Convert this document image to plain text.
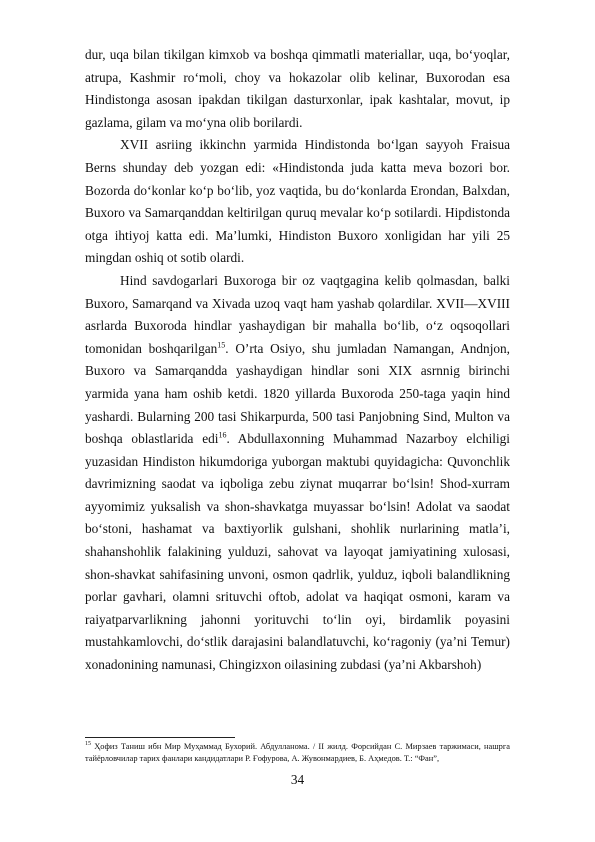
dur, uqa bilan tikilgan kimxob va boshqa qimmatli materiallar, uqa, bo‘yoqlar, atrupa, Kashmir ro‘moli, choy va hokazolar olib kelinar, Buxorodan esa Hindistonga asosan ipakdan tikilgan dasturxonlar, ipak kashtalar, movut, ip gazlama, gilam va mo‘yna olib borilardi.

XVII asriing ikkinchn yarmida Hindistonda bo‘lgan sayyoh Fraisua Berns shunday deb yozgan edi: «Hindistonda juda katta meva bozori bor. Bozorda do‘konlar ko‘p bo‘lib, yoz vaqtida, bu do‘konlarda Erondan, Balxdan, Buxoro va Samarqanddan keltirilgan quruq mevalar ko‘p sotilardi. Hipdistonda otga ihtiyoj katta edi. Ma’lumki, Hindiston Buxoro xonligidan har yili 25 mingdan oshiq ot sotib olardi.

Hind savdogarlari Buxoroga bir oz vaqtgagina kelib qolmasdan, balki Buxoro, Samarqand va Xivada uzoq vaqt ham yashab qolardilar. XVII—XVIII asrlarda Buxoroda hindlar yashaydigan bir mahalla bo‘lib, o‘z oqsoqollari tomonidan boshqarilgan$^{15}$. O’rta Osiyo, shu jumladan Namangan, Andnjon, Buxoro va Samarqandda yashaydigan hindlar soni XIX asrnnig birinchi yarmida yana ham oshib ketdi. 1820 yillarda Buxoroda 250-taga yaqin hind yashardi. Bularning 200 tasi Shikarpurda, 500 tasi Panjobning Sind, Multon va boshqa oblastlarida edi$^{16}$. Abdullaxonning Muhammad Nazarboy elchiligi yuzasidan Hindiston hikumdoriga yuborgan maktubi quyidagicha: Quvonchlik davrimizning saodat va iqboliga zebu ziynat muqarrar bo‘lsin! Shod-xurram ayyomimiz yuksalish va shon-shavkatga muyassar bo‘lsin! Adolat va saodat bo‘stoni, hashamat va baxtiyorlik gulshani, shohlik nurlarining matla’i, shahanshohlik falakining yulduzi, sahovat va layoqat jamiyatining xulosasi, shon-shavkat sahifasining unvoni, osmon qadrlik, yulduz, iqboli balandlikning porlar gavhari, olamni srituvchi oftob, adolat va haqiqat osmoni, karam va raiyatparvarlikning jahonni yorituvchi to‘lin oyi, birdamlik poyasini mustahkamlovchi, do‘stlik darajasini balandlatuvchi, ko‘ragoniy (ya’ni Temur) xonadonining namunasi, Chingizxon oilasining zubdasi (ya’ni Akbarshoh)

$^{15}$ Ҳофиз Таниш ибн Мир Муҳаммад Бухорий. Абдулланома. / II жилд. Форсийдан С. Мирзаев таржимаси, нашрга тайёрловчилар тарих фанлари кандидатлари Р. Ғофурова, А. Жувонмардиев, Б. Аҳмедов. Т.: “Фан”,
34
